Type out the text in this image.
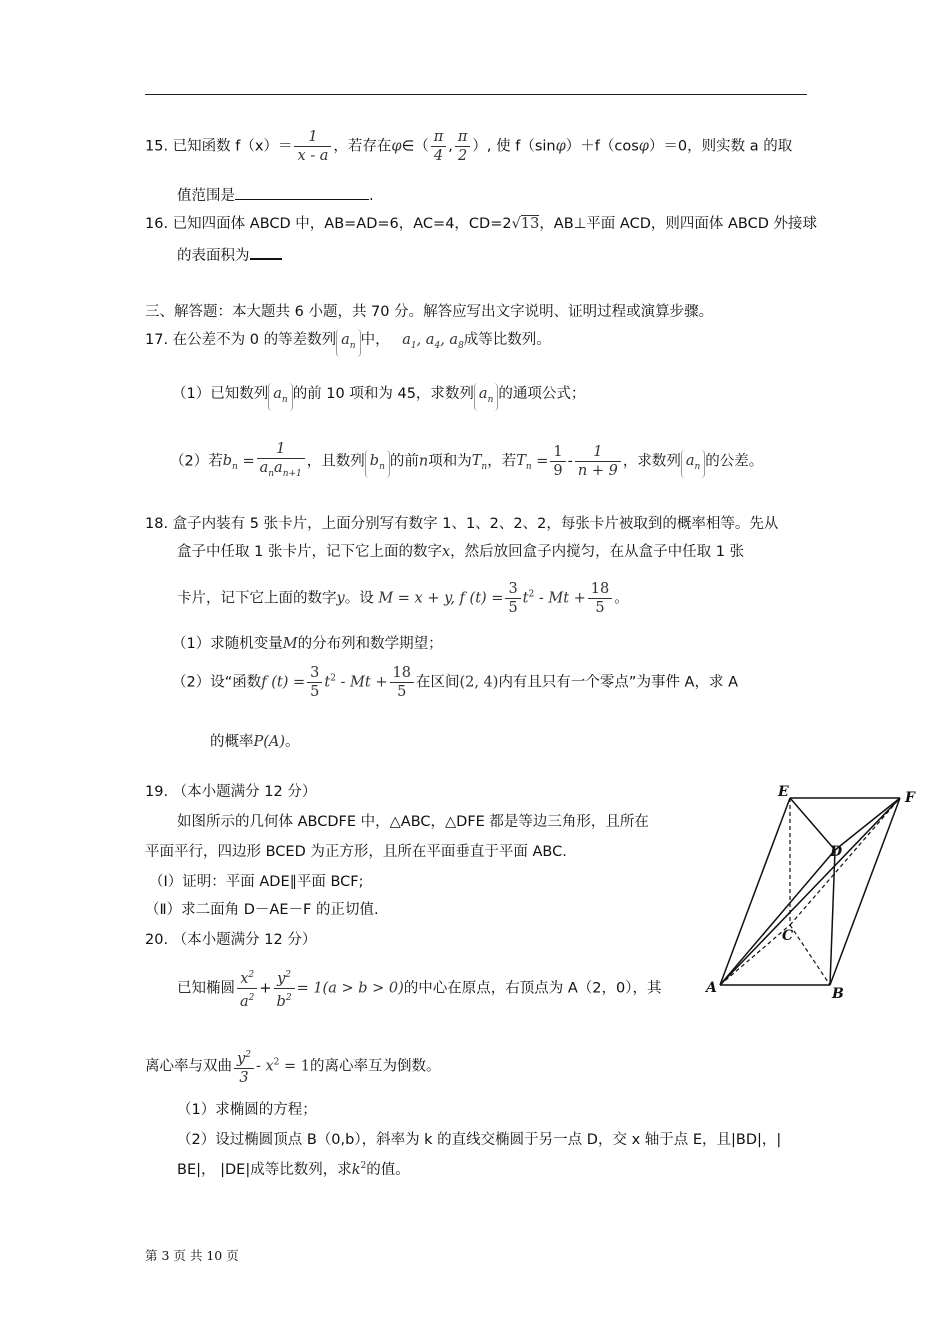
15. 已知函数 $f(x)= \frac{1}{x - a}$ ，若存在φ∈（ $\frac{\pi}{4}$ , $\frac{\pi}{2}$ ）, 使 f（sinφ）＋f（cosφ）＝0，则实数 a 的取
值范围是	.
16. 已知四面体 ABCD 中，AB=AD=6，AC=4，CD=2√13，AB⊥平面 ACD，则四面体 ABCD 外接球
的表面积为
三、解答题：本大题共 6 小题，共 70 分。解答应写出文字说明、证明过程或演算步骤。
17. 在公差不为 0 的等差数列 $a_n$ 中， $a_1$, $a_4$, $a_8$成等比数列。
（1）已知数列 $a_n$ 的前 10 项和为 45，求数列 $a_n$ 的通项公式；
（2）若$b_n = \frac{1}{a_na_{n+1}}$ ，且数列 $b_n$ 的前n项和为$T_n$，若$T_n = \frac{1}{9} - \frac{1}{n + 9}$ ，求数列 $a_n$ 的公差。
18. 盒子内装有 5 张卡片，上面分别写有数字 1、1、2、2、2，每张卡片被取到的概率相等。先从
盒子中任取 1 张卡片，记下它上面的数字x，然后放回盒子内搅匀，在从盒子中任取 1 张
卡片，记下它上面的数字y。设 M = x + y, f $(t) = \frac{3}{5} t^2 - Mt + \frac{18}{5}$ 。
（1）求随机变量M的分布列和数学期望；
（2）设“函数f $(t) = \frac{3}{5} t^2 - Mt + \frac{18}{5}$ 在区间(2, 4)内有且只有一个零点”为事件 A，求 A
的概率P(A)。
19. （本小题满分 12 分）
如图所示的几何体 ABCDFE 中，△ABC，△DFE 都是等边三角形，且所在
平面平行，四边形 BCED 为正方形，且所在平面垂直于平面 ABC.
（Ⅰ）证明：平面 ADE∥平面 BCF;
（Ⅱ）求二面角 D－AE－F 的正切值.
E	F
D
C
A	B
20. （本小题满分 12 分）
已知椭圆 $\frac{x^2}{a^2} + \frac{y^2}{b^2} = 1(a > b > 0)$的中心在原点，右顶点为 A（2，0），其
离心率与双曲 $\frac{y^2}{3} - x^2 = 1$的离心率互为倒数。
（1）求椭圆的方程；
（2）设过椭圆顶点 B（0,b），斜率为 k 的直线交椭圆于另一点 D，交 x 轴于点 E，且|BD|，|
BE|， |DE|成等比数列，求$k^2$的值。
第 3 页 共 10 页
